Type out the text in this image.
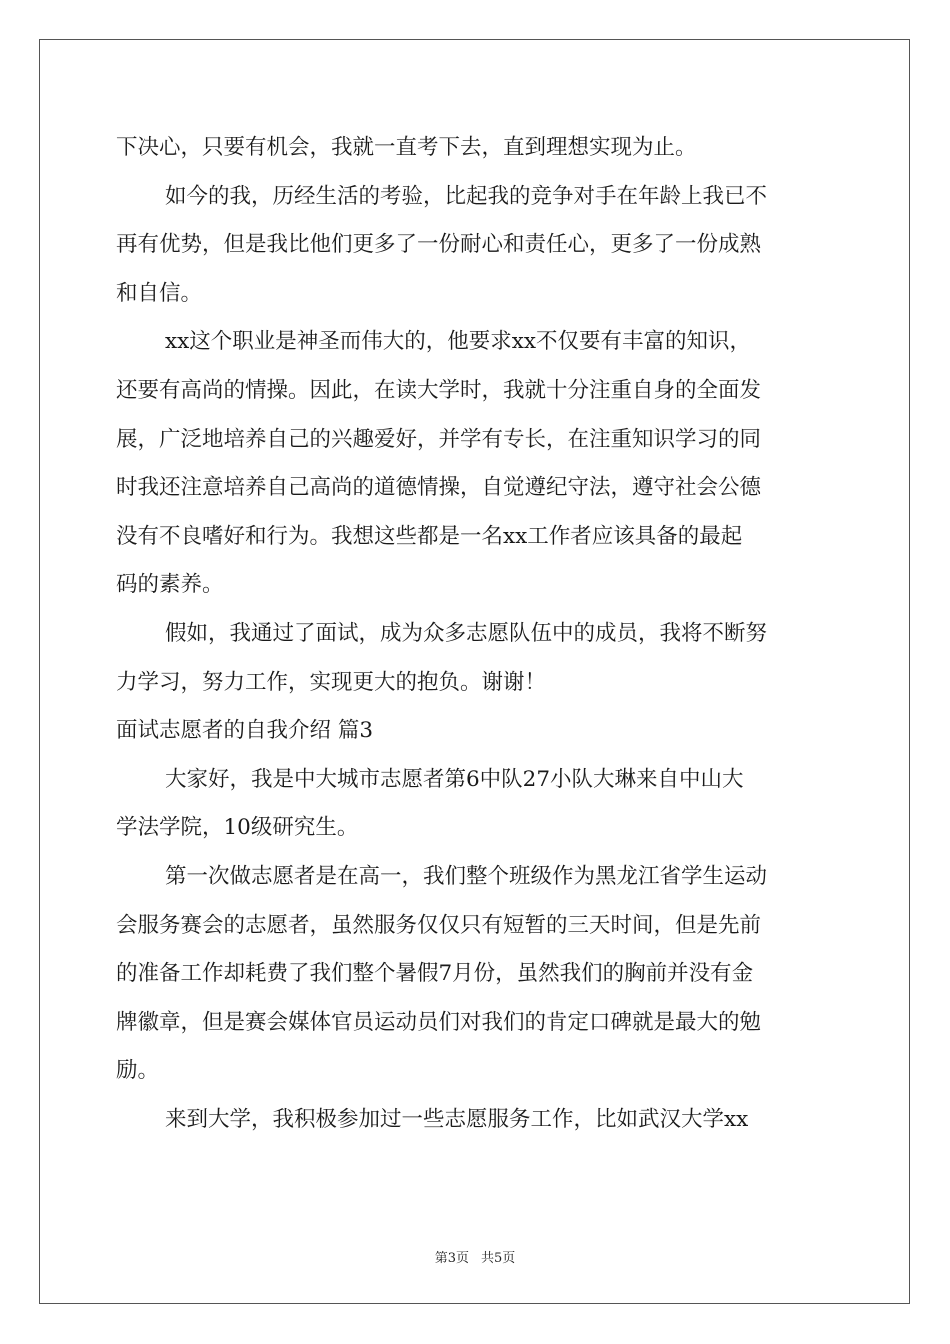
下决心，只要有机会，我就一直考下去，直到理想实现为止。
如今的我，历经生活的考验，比起我的竞争对手在年龄上我已不
再有优势，但是我比他们更多了一份耐心和责任心，更多了一份成熟
和自信。
xx这个职业是神圣而伟大的，他要求xx不仅要有丰富的知识，
还要有高尚的情操。因此，在读大学时，我就十分注重自身的全面发
展，广泛地培养自己的兴趣爱好，并学有专长，在注重知识学习的同
时我还注意培养自己高尚的道德情操，自觉遵纪守法，遵守社会公德
没有不良嗜好和行为。我想这些都是一名xx工作者应该具备的最起
码的素养。
假如，我通过了面试，成为众多志愿队伍中的成员，我将不断努
力学习，努力工作，实现更大的抱负。谢谢！
面试志愿者的自我介绍 篇3
大家好，我是中大城市志愿者第6中队27小队大琳来自中山大
学法学院，10级研究生。
第一次做志愿者是在高一，我们整个班级作为黑龙江省学生运动
会服务赛会的志愿者，虽然服务仅仅只有短暂的三天时间，但是先前
的准备工作却耗费了我们整个暑假7月份，虽然我们的胸前并没有金
牌徽章，但是赛会媒体官员运动员们对我们的肯定口碑就是最大的勉
励。
来到大学，我积极参加过一些志愿服务工作，比如武汉大学xx
第3页 共5页
